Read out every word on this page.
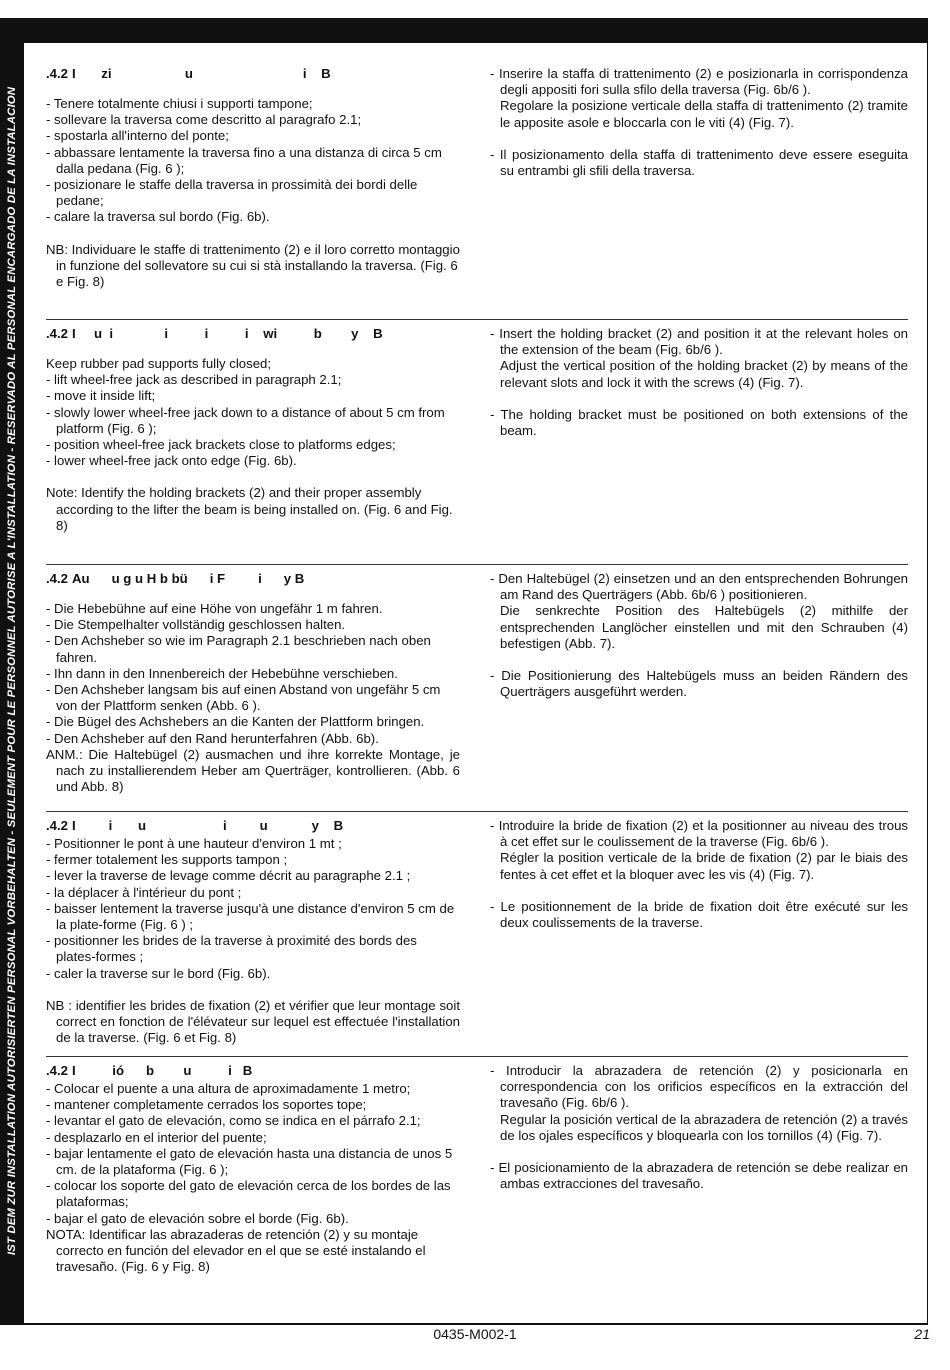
IST DEM ZUR INSTALLATION AUTORISIERTEN PERSONAL VORBEHALTEN - SEULEMENT POUR LE PERSONNEL AUTORISE A L'INSTALLATION - RESERVADO AL PERSONAL ENCARGADO DE LA INSTALACION
.4.2 I       zi                    u                              i    B
- Tenere totalmente chiusi i supporti tampone;
- sollevare la traversa come descritto al paragrafo 2.1;
- spostarla all'interno del ponte;
- abbassare lentamente la traversa fino a una distanza di circa 5 cm dalla pedana (Fig. 6 );
- posizionare le staffe della traversa in prossimità dei bordi delle pedane;
- calare la traversa sul bordo (Fig. 6b).
NB: Individuare le staffe di trattenimento (2) e il loro corretto montaggio in funzione del sollevatore su cui si stà installando la traversa. (Fig. 6 e Fig. 8)
- Inserire la staffa di trattenimento (2) e posizionarla in corrispondenza degli appositi fori sulla sfilo della traversa (Fig. 6b/6 ).
Regolare la posizione verticale della staffa di trattenimento (2) tramite le apposite asole e bloccarla con le viti (4) (Fig. 7).
- Il posizionamento della staffa di trattenimento deve essere eseguita su entrambi gli sfili della traversa.
.4.2 I     u  i              i          i          i    wi          b        y    B
Keep rubber pad supports fully closed;
- lift wheel-free jack as described in paragraph 2.1;
- move it inside lift;
- slowly lower wheel-free jack down to a distance of about 5 cm from platform (Fig. 6 );
- position wheel-free jack brackets close to platforms edges;
- lower wheel-free jack onto edge (Fig. 6b).
Note: Identify the holding brackets (2) and their proper assembly according to the lifter the beam is being installed on. (Fig. 6 and Fig. 8)
- Insert the holding bracket (2) and position it at the relevant holes on the extension of the beam (Fig. 6b/6 ).
Adjust the vertical position of the holding bracket (2) by means of the relevant slots and lock it with the screws (4) (Fig. 7).
- The holding bracket must be positioned on both extensions of the beam.
.4.2 Au      u g u H b bü      i F         i      y B
- Die Hebebühne auf eine Höhe von ungefähr 1 m fahren.
- Die Stempelhalter vollständig geschlossen halten.
- Den Achsheber so wie im Paragraph 2.1 beschrieben nach oben fahren.
- Ihn dann in den Innenbereich der Hebebühne verschieben.
- Den Achsheber langsam bis auf einen Abstand von ungefähr 5 cm von der Plattform senken (Abb. 6 ).
- Die Bügel des Achshebers an die Kanten der Plattform bringen.
- Den Achsheber auf den Rand herunterfahren (Abb. 6b).
ANM.: Die Haltebügel (2) ausmachen und ihre korrekte Montage, je nach zu installierendem Heber am Querträger, kontrollieren. (Abb. 6 und Abb. 8)
- Den Haltebügel (2) einsetzen und an den entsprechenden Bohrungen am Rand des Querträgers (Abb. 6b/6 ) positionieren.
Die senkrechte Position des Haltebügels (2) mithilfe der entsprechenden Langlöcher einstellen und mit den Schrauben (4) befestigen (Abb. 7).
- Die Positionierung des Haltebügels muss an beiden Rändern des Querträgers ausgeführt werden.
.4.2 I         i       u                     i         u            y    B
- Positionner le pont à une hauteur d'environ 1 mt ;
- fermer totalement les supports tampon ;
- lever la traverse de levage comme décrit au paragraphe 2.1 ;
- la déplacer à l'intérieur du pont ;
- baisser lentement la traverse jusqu'à une distance d'environ 5 cm de la plate-forme (Fig. 6 ) ;
- positionner les brides de la traverse à proximité des bords des plates-formes ;
- caler la traverse sur le bord (Fig. 6b).
NB : identifier les brides de fixation (2) et vérifier que leur montage soit correct en fonction de l'élévateur sur lequel est effectuée l'installation de la traverse. (Fig. 6 et Fig. 8)
- Introduire la bride de fixation (2) et la positionner au niveau des trous à cet effet sur le coulissement de la traverse (Fig. 6b/6 ).
Régler la position verticale de la bride de fixation (2) par le biais des fentes à cet effet et la bloquer avec les vis (4) (Fig. 7).
- Le positionnement de la bride de fixation doit être exécuté sur les deux coulissements de la traverse.
.4.2 I          ió      b        u          i   B
- Colocar el puente a una altura de aproximadamente 1 metro;
- mantener completamente cerrados los soportes tope;
- levantar el gato de elevación, como se indica en el párrafo 2.1;
- desplazarlo en el interior del puente;
- bajar lentamente el gato de elevación hasta una distancia de unos 5 cm. de la plataforma (Fig. 6 );
- colocar los soporte del gato de elevación cerca de los bordes de las plataformas;
- bajar el gato de elevación sobre el borde (Fig. 6b).
NOTA: Identificar las abrazaderas de retención (2) y su montaje correcto en función del elevador en el que se esté instalando el travesaño. (Fig. 6 y Fig. 8)
- Introducir la abrazadera de retención (2) y posicionarla en correspondencia con los orificios específicos en la extracción del travesaño (Fig. 6b/6 ).
Regular la posición vertical de la abrazadera de retención (2) a través de los ojales específicos y bloquearla con los tornillos (4) (Fig. 7).
- El posicionamiento de la abrazadera de retención se debe realizar en ambas extracciones del travesaño.
0435-M002-1	21
